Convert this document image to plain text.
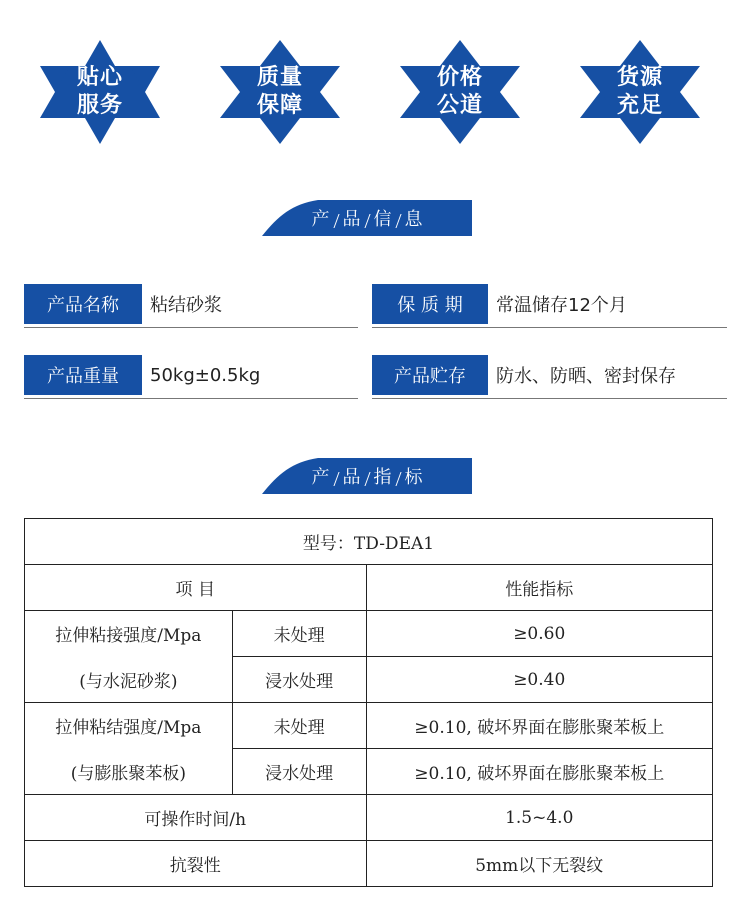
贴心
服务
质量
保障
价格
公道
货源
充足
产 品 信 息
产品名称	粘结砂浆	保 质 期	常温储存12个月
产品重量	50kg±0.5kg	产品贮存	防水、防晒、密封保存
产 品 指 标
型号：TD-DEA1		
项 目		性能指标
拉伸粘接强度/Mpa	未处理	≥0.60
(与水泥砂浆)	浸水处理	≥0.40
拉伸粘结强度/Mpa	未处理	≥0.10, 破坏界面在膨胀聚苯板上
(与膨胀聚苯板)	浸水处理	≥0.10, 破坏界面在膨胀聚苯板上
可操作时间/h		1.5~4.0
抗裂性		5mm以下无裂纹
